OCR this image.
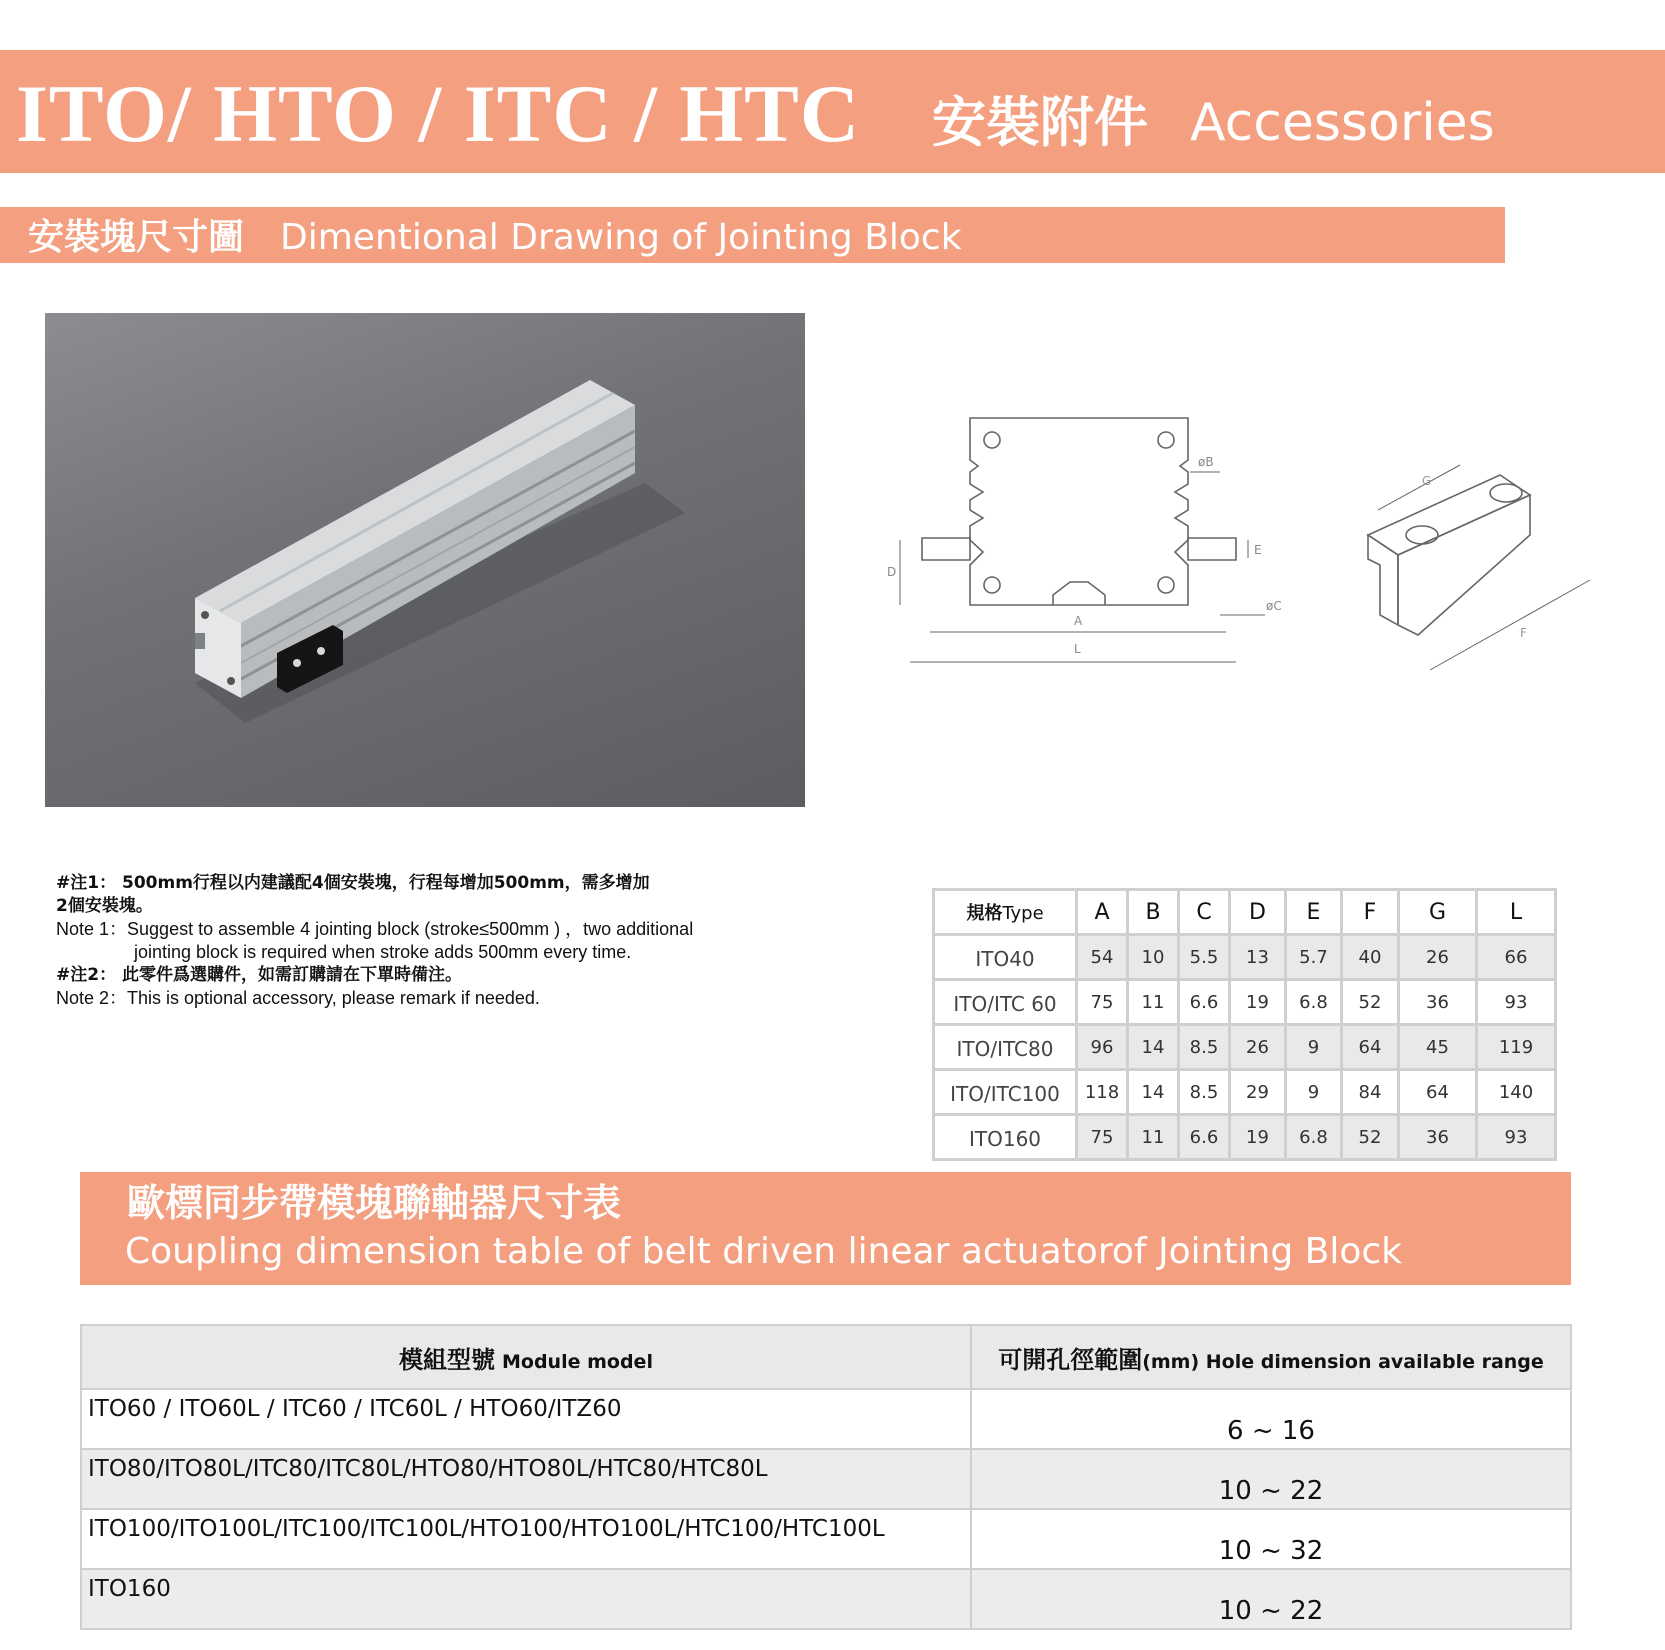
ITO/ HTO / ITC / HTC 安裝附件 Accessories
安裝塊尺寸圖 Dimentional Drawing of Jointing Block
D
A
L
øB
E
øC
G
F
#注1： 500mm行程以内建議配4個安裝塊，行程每增加500mm，需多增加
2個安裝塊。
Note 1：Suggest to assemble 4 jointing block (stroke≤500mm ) ，two additional
jointing block is required when stroke adds 500mm every time.
#注2： 此零件爲選購件，如需訂購請在下單時備注。
Note 2：This is optional accessory, please remark if needed.
規格Type	A	B	C	D	E	F	G	L
ITO40	54	10	5.5	13	5.7	40	26	66
ITO/ITC 60	75	11	6.6	19	6.8	52	36	93
ITO/ITC80	96	14	8.5	26	9	64	45	119
ITO/ITC100	118	14	8.5	29	9	84	64	140
ITO160	75	11	6.6	19	6.8	52	36	93
歐標同步帶模塊聯軸器尺寸表
Coupling dimension table of belt driven linear actuatorof Jointing Block
模組型號 Module model	可開孔徑範圍(mm) Hole dimension available range
ITO60 / ITO60L / ITC60 / ITC60L / HTO60/ITZ60	6 ~ 16
ITO80/ITO80L/ITC80/ITC80L/HTO80/HTO80L/HTC80/HTC80L	10 ~ 22
ITO100/ITO100L/ITC100/ITC100L/HTO100/HTO100L/HTC100/HTC100L	10 ~ 32
ITO160	10 ~ 22
